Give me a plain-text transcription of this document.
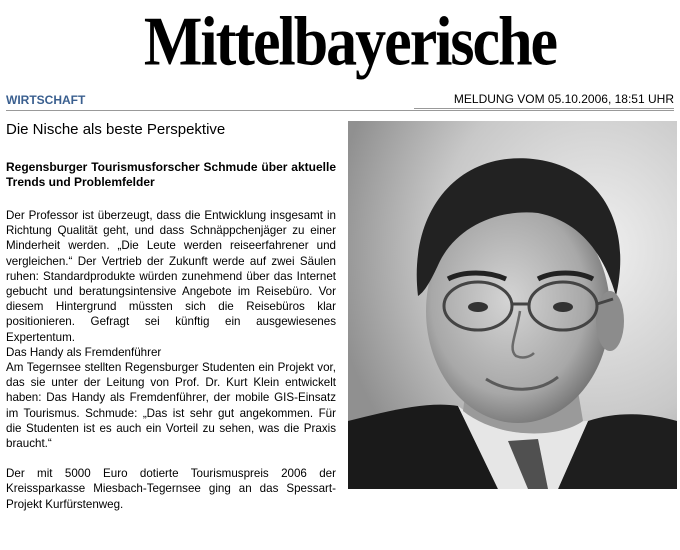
Mittelbayerische
WIRTSCHAFT	MELDUNG VOM 05.10.2006, 18:51 UHR
Die Nische als beste Perspektive
Regensburger Tourismusforscher Schmude über aktuelle Trends und Problemfelder

Der Professor ist überzeugt, dass die Entwicklung insgesamt in Richtung Qualität geht, und dass Schnäppchenjäger zu einer Minderheit werden. „Die Leute werden reiseerfahrener und vergleichen.“ Der Vertrieb der Zukunft werde auf zwei Säulen ruhen: Standardprodukte würden zunehmend über das Internet gebucht und beratungsintensive Angebote im Reisebüro. Vor diesem Hintergrund müssten sich die Reisebüros klar positionieren. Gefragt sei künftig ein ausgewiesenes Expertentum.

Das Handy als Fremdenführer

Am Tegernsee stellten Regensburger Studenten ein Projekt vor, das sie unter der Leitung von Prof. Dr. Kurt Klein entwickelt haben: Das Handy als Fremdenführer, der mobile GIS-Einsatz im Tourismus. Schmude: „Das ist sehr gut angekommen. Für die Studenten ist es auch ein Vorteil zu sehen, was die Praxis braucht.“

Der mit 5000 Euro dotierte Tourismuspreis 2006 der Kreissparkasse Miesbach-Tegernsee ging an das Spessart-Projekt Kurfürstenweg.
